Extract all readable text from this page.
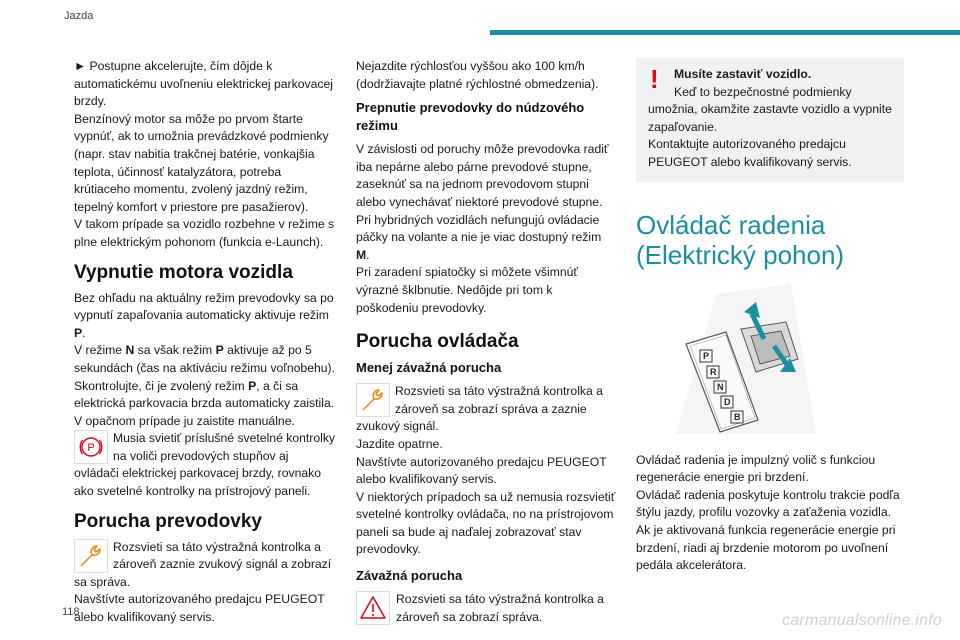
Jazda

► Postupne akcelerujte, čím dôjde k automatickému uvoľneniu elektrickej parkovacej brzdy.

Benzínový motor sa môže po prvom štarte vypnúť, ak to umožnia prevádzkové podmienky (napr. stav nabitia trakčnej batérie, vonkajšia teplota, účinnosť katalyzátora, potreba krútiaceho momentu, zvolený jazdný režim, tepelný komfort v priestore pre pasažierov).

V takom prípade sa vozidlo rozbehne v režime s plne elektrickým pohonom (funkcia e-Launch).

Vypnutie motora vozidla

Bez ohľadu na aktuálny režim prevodovky sa po vypnutí zapaľovania automaticky aktivuje režim P.

V režime N sa však režim P aktivuje až po 5 sekundách (čas na aktiváciu režimu voľnobehu).

Skontrolujte, či je zvolený režim P, a či sa elektrická parkovacia brzda automaticky zaistila.

V opačnom prípade ju zaistite manuálne.

P
Musia svietiť príslušné svetelné kontrolky na voliči prevodových stupňov aj ovládači elektrickej parkovacej brzdy, rovnako ako svetelné kontrolky na prístrojový paneli.
Porucha prevodovky
Rozsvieti sa táto výstražná kontrolka a zároveň zaznie zvukový signál a zobrazí sa správa.

Navštívte autorizovaného predajcu PEUGEOT alebo kvalifikovaný servis.

Nejazdite rýchlosťou vyššou ako 100 km/h (dodržiavajte platné rýchlostné obmedzenia).

Prepnutie prevodovky do núdzového režimu

V závislosti od poruchy môže prevodovka radiť iba nepárne alebo párne prevodové stupne, zaseknúť sa na jednom prevodovom stupni alebo vynechávať niektoré prevodové stupne.

Pri hybridných vozidlách nefungujú ovládacie páčky na volante a nie je viac dostupný režim M.

Pri zaradení spiatočky si môžete všimnúť výrazné šklbnutie. Nedôjde pri tom k poškodeniu prevodovky.

Porucha ovládača
Menej závažná porucha
Rozsvieti sa táto výstražná kontrolka a zároveň sa zobrazí správa a zaznie zvukový signál.

Jazdite opatrne.

Navštívte autorizovaného predajcu PEUGEOT alebo kvalifikovaný servis.

V niektorých prípadoch sa už nemusia rozsvietiť svetelné kontrolky ovládača, no na prístrojovom paneli sa bude aj naďalej zobrazovať stav prevodovky.

Závažná porucha
Rozsvieti sa táto výstražná kontrolka a zároveň sa zobrazí správa.
!	Musíte zastaviť vozidlo.
Keď to bezpečnostné podmienky
umožnia, okamžite zastavte vozidlo a vypnite zapaľovanie.
Kontaktujte autorizovaného predajcu PEUGEOT alebo kvalifikovaný servis.
Ovládač radenia
(Elektrický pohon)
P
R
N
D
B

Ovládač radenia je impulzný volič s funkciou regenerácie energie pri brzdení.

Ovládač radenia poskytuje kontrolu trakcie podľa štýlu jazdy, profilu vozovky a zaťaženia vozidla.

Ak je aktivovaná funkcia regenerácie energie pri brzdení, riadi aj brzdenie motorom po uvoľnení pedála akcelerátora.

118	carmanualsonline.info
